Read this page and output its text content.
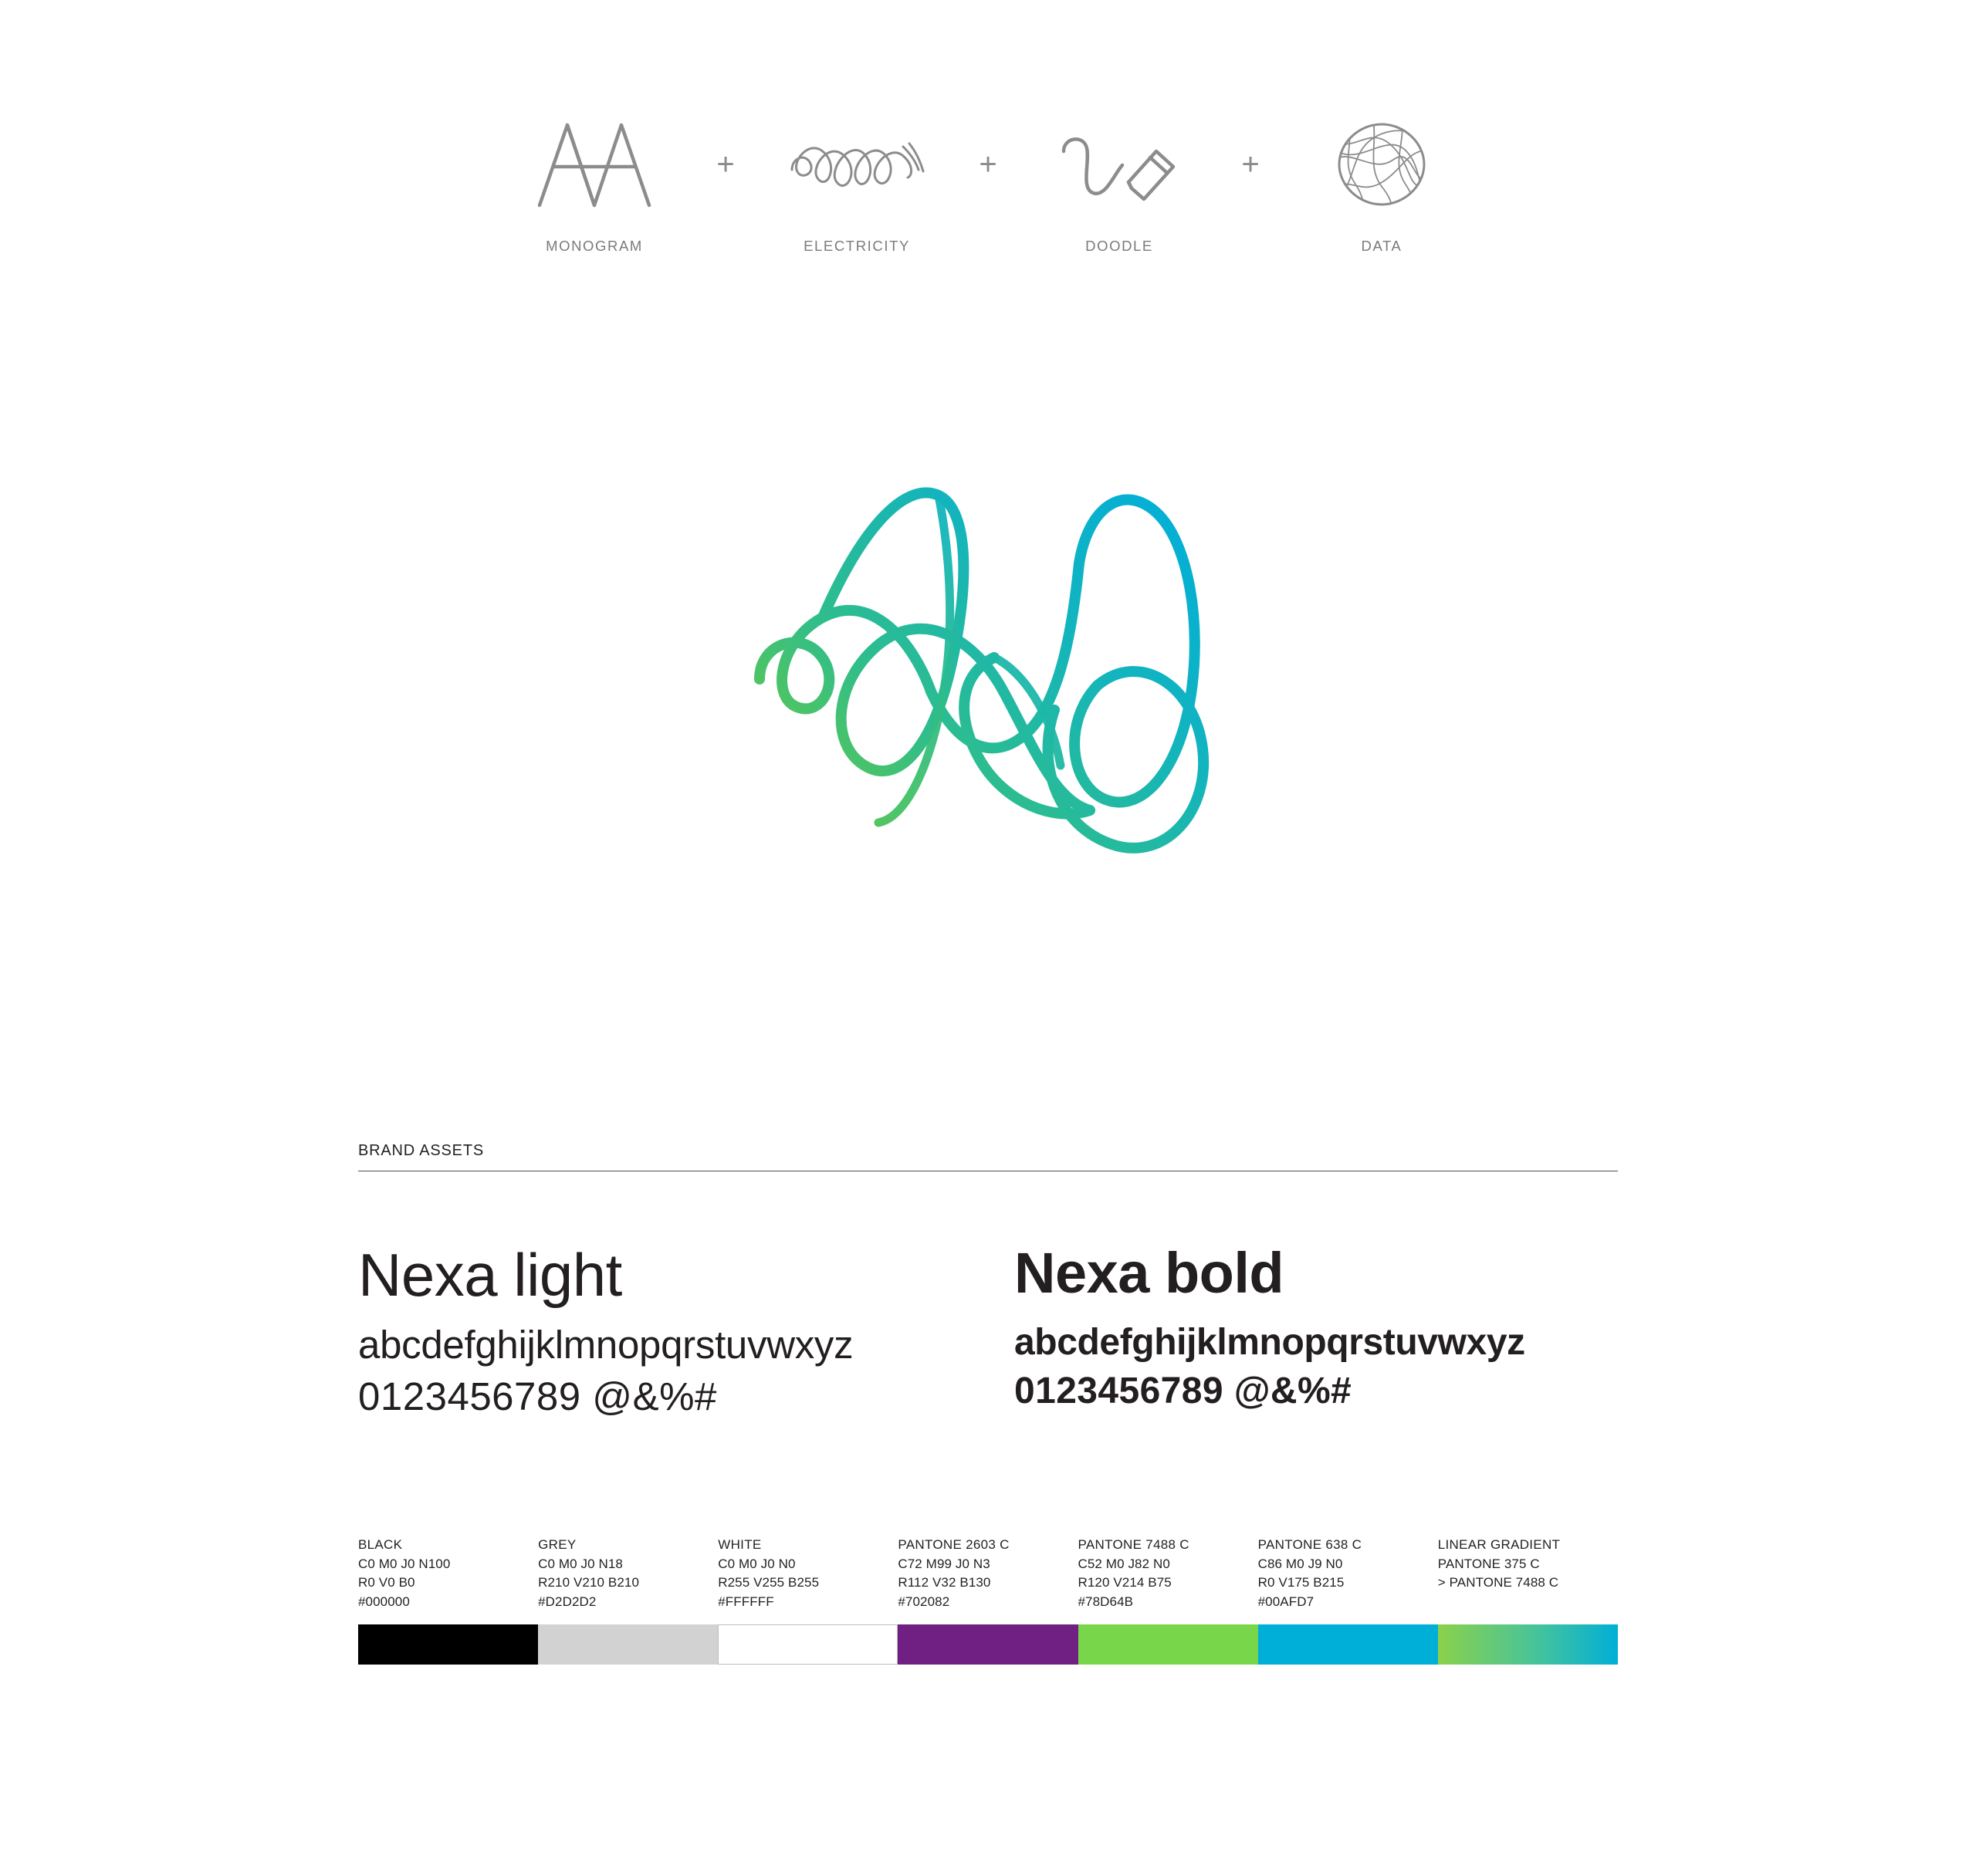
MONOGRAM
+
ELECTRICITY
+
DOODLE
+
DATA
BRAND ASSETS
Nexa light
abcdefghijklmnopqrstuvwxyz
0123456789 @&%#
Nexa bold
abcdefghijklmnopqrstuvwxyz
0123456789 @&%#
BLACK
C0 M0 J0 N100
R0 V0 B0
#000000
GREY
C0 M0 J0 N18
R210 V210 B210
#D2D2D2
WHITE
C0 M0 J0 N0
R255 V255 B255
#FFFFFF
PANTONE 2603 C
C72 M99 J0 N3
R112 V32 B130
#702082
PANTONE 7488 C
C52 M0 J82 N0
R120 V214 B75
#78D64B
PANTONE 638 C
C86 M0 J9 N0
R0 V175 B215
#00AFD7
LINEAR GRADIENT
PANTONE 375 C
> PANTONE 7488 C
